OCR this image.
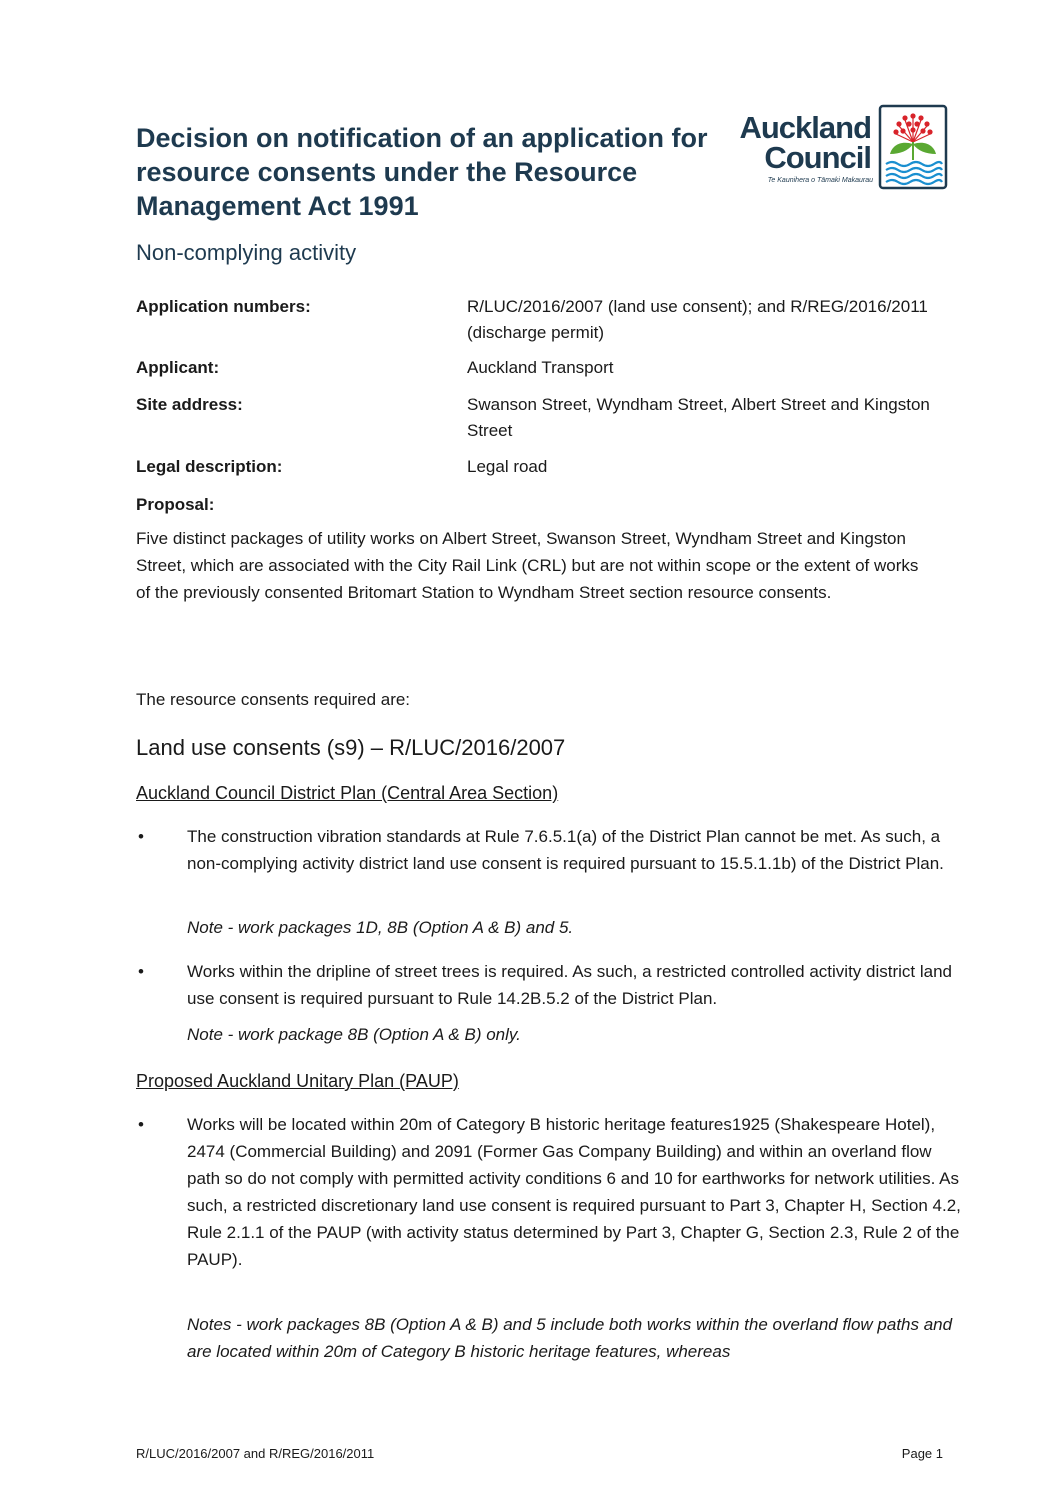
Decision on notification of an application for resource consents under the Resource Management Act 1991
Auckland
Council
Te Kaunihera o Tāmaki Makaurau
Non-complying activity
Application numbers:	R/LUC/2016/2007 (land use consent); and R/REG/2016/2011 (discharge permit)
Applicant:	Auckland Transport
Site address:	Swanson Street, Wyndham Street, Albert Street and Kingston Street
Legal description:	Legal road
Proposal:

Five distinct packages of utility works on Albert Street, Swanson Street, Wyndham Street and Kingston Street, which are associated with the City Rail Link (CRL) but are not within scope or the extent of works of the previously consented Britomart Station to Wyndham Street section resource consents.

The resource consents required are:

Land use consents (s9) – R/LUC/2016/2007
Auckland Council District Plan (Central Area Section)
•	The construction vibration standards at Rule 7.6.5.1(a) of the District Plan cannot be met. As such, a non-complying activity district land use consent is required pursuant to 15.5.1.1b) of the District Plan.
Note - work packages 1D, 8B (Option A & B) and 5.
•	Works within the dripline of street trees is required. As such, a restricted controlled activity district land use consent is required pursuant to Rule 14.2B.5.2 of the District Plan.
Note - work package 8B (Option A & B) only.
Proposed Auckland Unitary Plan (PAUP)
•	Works will be located within 20m of Category B historic heritage features1925 (Shakespeare Hotel), 2474 (Commercial Building) and 2091 (Former Gas Company Building) and within an overland flow path so do not comply with permitted activity conditions 6 and 10 for earthworks for network utilities. As such, a restricted discretionary land use consent is required pursuant to Part 3, Chapter H, Section 4.2, Rule 2.1.1 of the PAUP (with activity status determined by Part 3, Chapter G, Section 2.3, Rule 2 of the PAUP).
Notes - work packages 8B (Option A & B) and 5 include both works within the overland flow paths and are located within 20m of Category B historic heritage features, whereas
R/LUC/2016/2007 and R/REG/2016/2011	Page 1
